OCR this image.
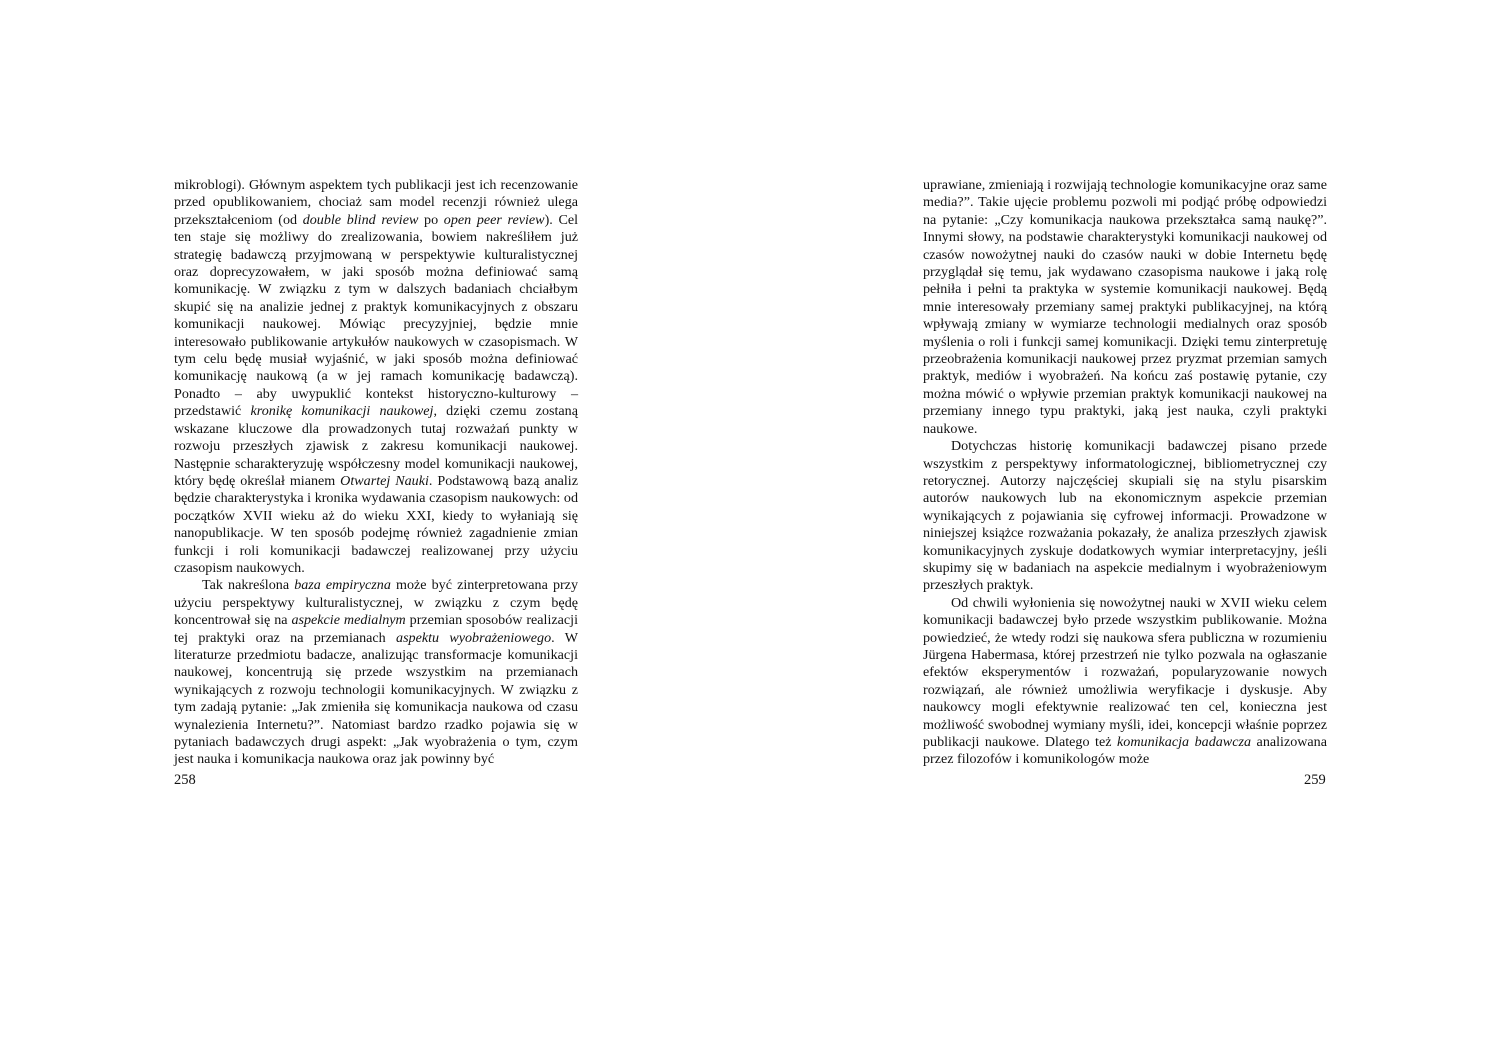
mikroblogi). Głównym aspektem tych publikacji jest ich recenzowanie przed opublikowaniem, chociaż sam model recenzji również ulega przekształceniom (od double blind review po open peer review). Cel ten staje się możliwy do zrealizowania, bowiem nakreśliłem już strategię badawczą przyjmowaną w perspektywie kulturalistycznej oraz doprecyzowałem, w jaki sposób można definiować samą komunikację. W związku z tym w dalszych badaniach chciałbym skupić się na analizie jednej z praktyk komunikacyjnych z obszaru komunikacji naukowej. Mówiąc precyzyjniej, będzie mnie interesowało publikowanie artykułów naukowych w czasopismach. W tym celu będę musiał wyjaśnić, w jaki sposób można definiować komunikację naukową (a w jej ramach komunikację badawczą). Ponadto – aby uwypuklić kontekst historyczno-kulturowy – przedstawić kronikę komunikacji naukowej, dzięki czemu zostaną wskazane kluczowe dla prowadzonych tutaj rozważań punkty w rozwoju przeszłych zjawisk z zakresu komunikacji naukowej. Następnie scharakteryzuję współczesny model komunikacji naukowej, który będę określał mianem Otwartej Nauki. Podstawową bazą analiz będzie charakterystyka i kronika wydawania czasopism naukowych: od początków XVII wieku aż do wieku XXI, kiedy to wyłaniają się nanopublikacje. W ten sposób podejmę również zagadnienie zmian funkcji i roli komunikacji badawczej realizowanej przy użyciu czasopism naukowych.

Tak nakreślona baza empiryczna może być zinterpretowana przy użyciu perspektywy kulturalistycznej, w związku z czym będę koncentrował się na aspekcie medialnym przemian sposobów realizacji tej praktyki oraz na przemianach aspektu wyobrażeniowego. W literaturze przedmiotu badacze, analizując transformacje komunikacji naukowej, koncentrują się przede wszystkim na przemianach wynikających z rozwoju technologii komunikacyjnych. W związku z tym zadają pytanie: „Jak zmieniła się komunikacja naukowa od czasu wynalezienia Internetu?”. Natomiast bardzo rzadko pojawia się w pytaniach badawczych drugi aspekt: „Jak wyobrażenia o tym, czym jest nauka i komunikacja naukowa oraz jak powinny być

uprawiane, zmieniają i rozwijają technologie komunikacyjne oraz same media?”. Takie ujęcie problemu pozwoli mi podjąć próbę odpowiedzi na pytanie: „Czy komunikacja naukowa przekształca samą naukę?”. Innymi słowy, na podstawie charakterystyki komunikacji naukowej od czasów nowożytnej nauki do czasów nauki w dobie Internetu będę przyglądał się temu, jak wydawano czasopisma naukowe i jaką rolę pełniła i pełni ta praktyka w systemie komunikacji naukowej. Będą mnie interesowały przemiany samej praktyki publikacyjnej, na którą wpływają zmiany w wymiarze technologii medialnych oraz sposób myślenia o roli i funkcji samej komunikacji. Dzięki temu zinterpretuję przeobrażenia komunikacji naukowej przez pryzmat przemian samych praktyk, mediów i wyobrażeń. Na końcu zaś postawię pytanie, czy można mówić o wpływie przemian praktyk komunikacji naukowej na przemiany innego typu praktyki, jaką jest nauka, czyli praktyki naukowe.

Dotychczas historię komunikacji badawczej pisano przede wszystkim z perspektywy informatologicznej, bibliometrycznej czy retorycznej. Autorzy najczęściej skupiali się na stylu pisarskim autorów naukowych lub na ekonomicznym aspekcie przemian wynikających z pojawiania się cyfrowej informacji. Prowadzone w niniejszej książce rozważania pokazały, że analiza przeszłych zjawisk komunikacyjnych zyskuje dodatkowych wymiar interpretacyjny, jeśli skupimy się w badaniach na aspekcie medialnym i wyobrażeniowym przeszłych praktyk.

Od chwili wyłonienia się nowożytnej nauki w XVII wieku celem komunikacji badawczej było przede wszystkim publikowanie. Można powiedzieć, że wtedy rodzi się naukowa sfera publiczna w rozumieniu Jürgena Habermasa, której przestrzeń nie tylko pozwala na ogłaszanie efektów eksperymentów i rozważań, popularyzowanie nowych rozwiązań, ale również umożliwia weryfikacje i dyskusje. Aby naukowcy mogli efektywnie realizować ten cel, konieczna jest możliwość swobodnej wymiany myśli, idei, koncepcji właśnie poprzez publikacji naukowe. Dlatego też komunikacja badawcza analizowana przez filozofów i komunikologów może

258	259
